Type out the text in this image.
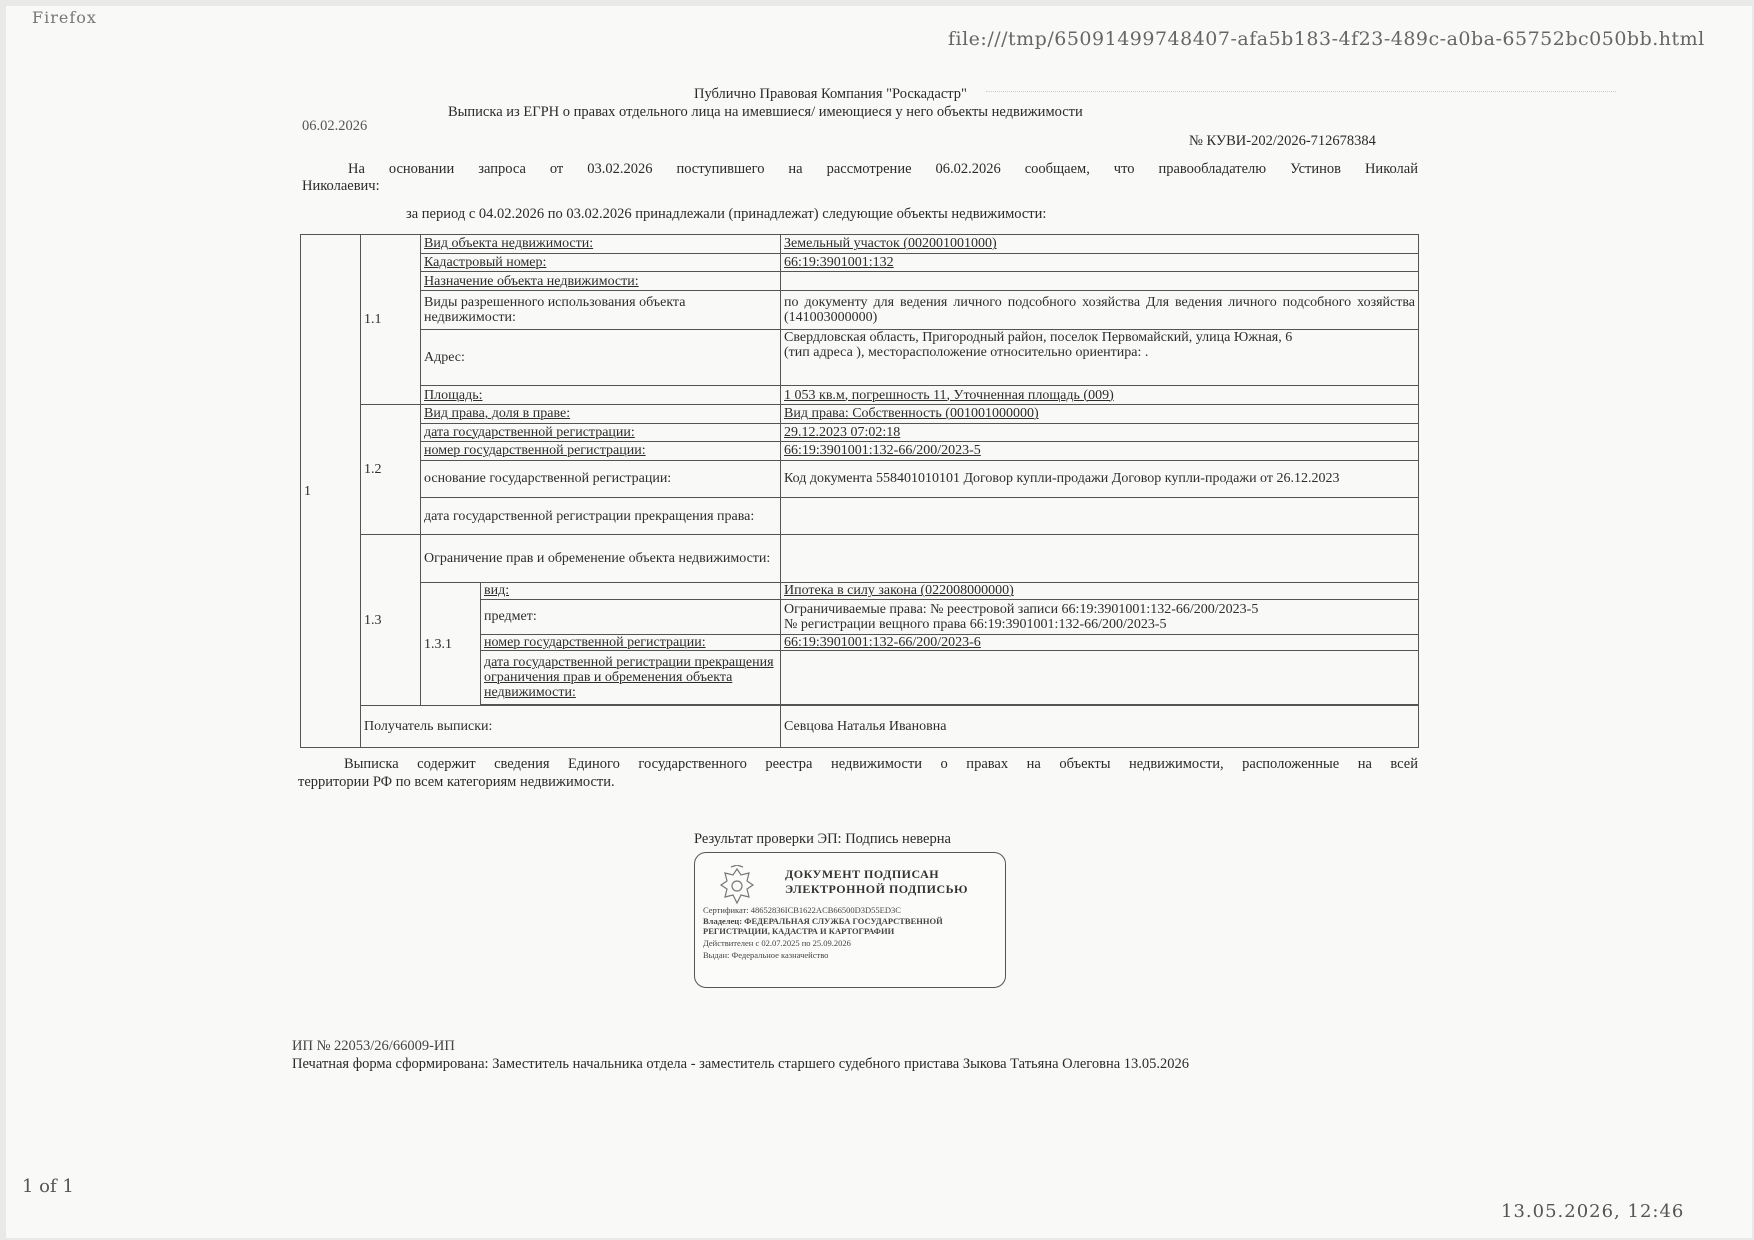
Firefox
file:///tmp/65091499748407-afa5b183-4f23-489c-a0ba-65752bc050bb.html
1 of 1
13.05.2026, 12:46
Публично Правовая Компания "Роскадастр"
Выписка из ЕГРН о правах отдельного лица на имевшиеся/ имеющиеся у него объекты недвижимости
06.02.2026
№ КУВИ-202/2026-712678384
На основании запроса от 03.02.2026 поступившего на рассмотрение 06.02.2026 сообщаем, что правообладателю Устинов Николай
Николаевич:
за период с 04.02.2026 по 03.02.2026 принадлежали (принадлежат) следующие объекты недвижимости:
1	1.1	Вид объекта недвижимости:		Земельный участок (002001001000)
		Кадастровый номер:		66:19:3901001:132
		Назначение объекта недвижимости:		
		Виды разрешенного использования объекта недвижимости:		по документу для ведения личного подсобного хозяйства Для ведения личного подсобного хозяйства (141003000000)
		Адрес:		Свердловская область, Пригородный район, поселок Первомайский, улица Южная, 6
(тип адреса ), месторасположение относительно ориентира: .

		Площадь:		1 053 кв.м, погрешность 11, Уточненная площадь (009)
	1.2	Вид права, доля в праве:		Вид права: Собственность (001001000000)
		дата государственной регистрации:		29.12.2023 07:02:18
		номер государственной регистрации:		66:19:3901001:132-66/200/2023-5
		основание государственной регистрации:		Код документа 558401010101 Договор купли-продажи Договор купли-продажи от 26.12.2023
		дата государственной регистрации прекращения права:		
	1.3	Ограничение прав и обременение объекта недвижимости:		
		1.3.1	вид:	Ипотека в силу закона (022008000000)
			предмет:	Ограничиваемые права: № реестровой записи 66:19:3901001:132-66/200/2023-5
№ регистрации вещного права 66:19:3901001:132-66/200/2023-5

			номер государственной регистрации:	66:19:3901001:132-66/200/2023-6
			дата государственной регистрации прекращения ограничения прав и обременения объекта недвижимости:	

	Получатель выписки:			Севцова Наталья Ивановна
Выписка содержит сведения Единого государственного реестра недвижимости о правах на объекты недвижимости, расположенные на всей
территории РФ по всем категориям недвижимости.
Результат проверки ЭП: Подпись неверна
ДОКУМЕНТ ПОДПИСАН
ЭЛЕКТРОННОЙ ПОДПИСЬЮ
Сертификат: 48652836ICB1622ACB66500D3D55ED3C
Владелец: ФЕДЕРАЛЬНАЯ СЛУЖБА ГОСУДАРСТВЕННОЙ
РЕГИСТРАЦИИ, КАДАСТРА И КАРТОГРАФИИ
Действителен с 02.07.2025 по 25.09.2026
Выдан: Федеральное казначейство
ИП № 22053/26/66009-ИП
Печатная форма сформирована: Заместитель начальника отдела - заместитель старшего судебного пристава Зыкова Татьяна Олеговна 13.05.2026
